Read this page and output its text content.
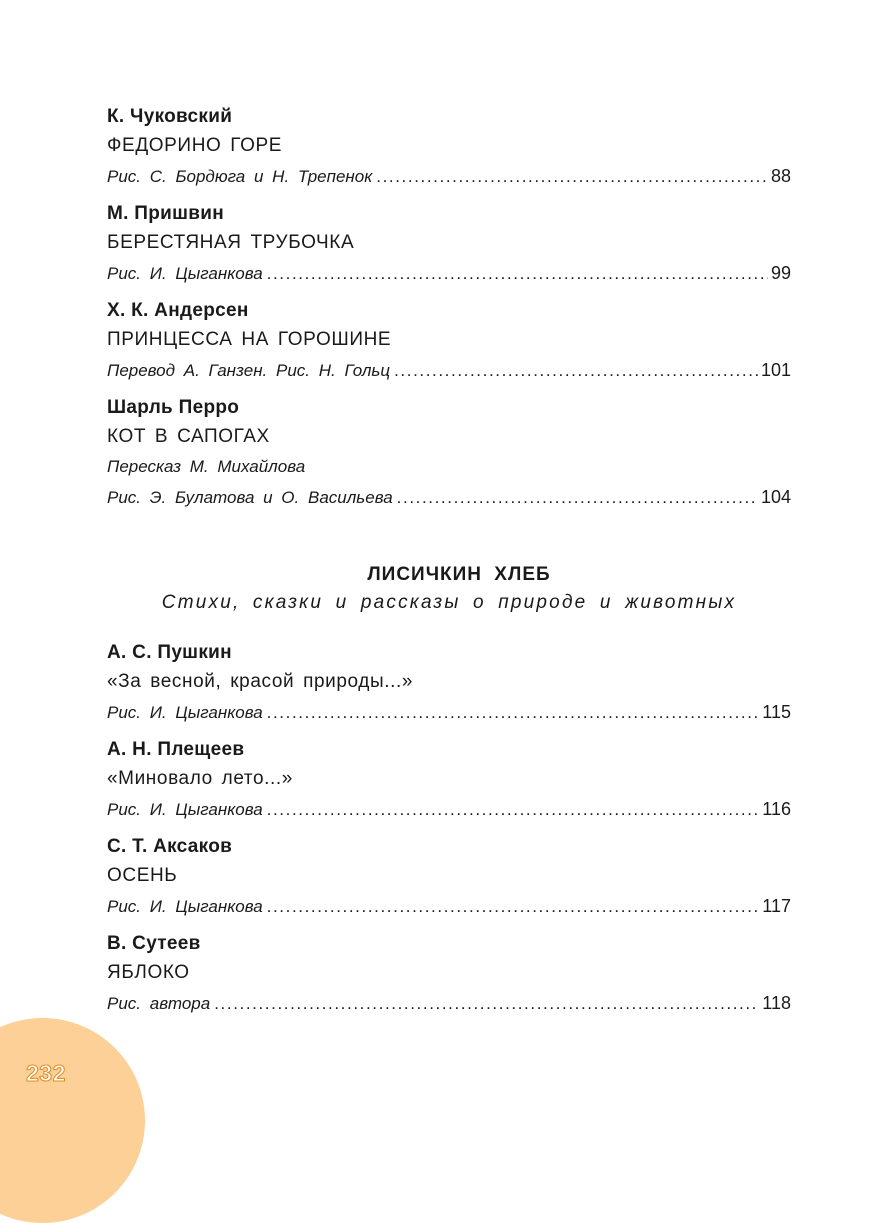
232
К. Чуковский
ФЕДОРИНО ГОРЕ
Рис. С. Бордюга и Н. Трепенок .....	88
М. Пришвин
БЕРЕСТЯНАЯ ТРУБОЧКА
Рис. И. Цыганкова .....	99
Х. К. Андерсен
ПРИНЦЕССА НА ГОРОШИНЕ
Перевод А. Ганзен. Рис. Н. Гольц .....	101
Шарль Перро
КОТ В САПОГАХ
Пересказ М. Михайлова
Рис. Э. Булатова и О. Васильева .....	104
ЛИСИЧКИН ХЛЕБ
Стихи, сказки и рассказы о природе и животных
А. С. Пушкин
«За весной, красой природы...»
Рис. И. Цыганкова .....	115
А. Н. Плещеев
«Миновало лето...»
Рис. И. Цыганкова .....	116
С. Т. Аксаков
ОСЕНЬ
Рис. И. Цыганкова .....	117
В. Сутеев
ЯБЛОКО
Рис. автора .....	118
